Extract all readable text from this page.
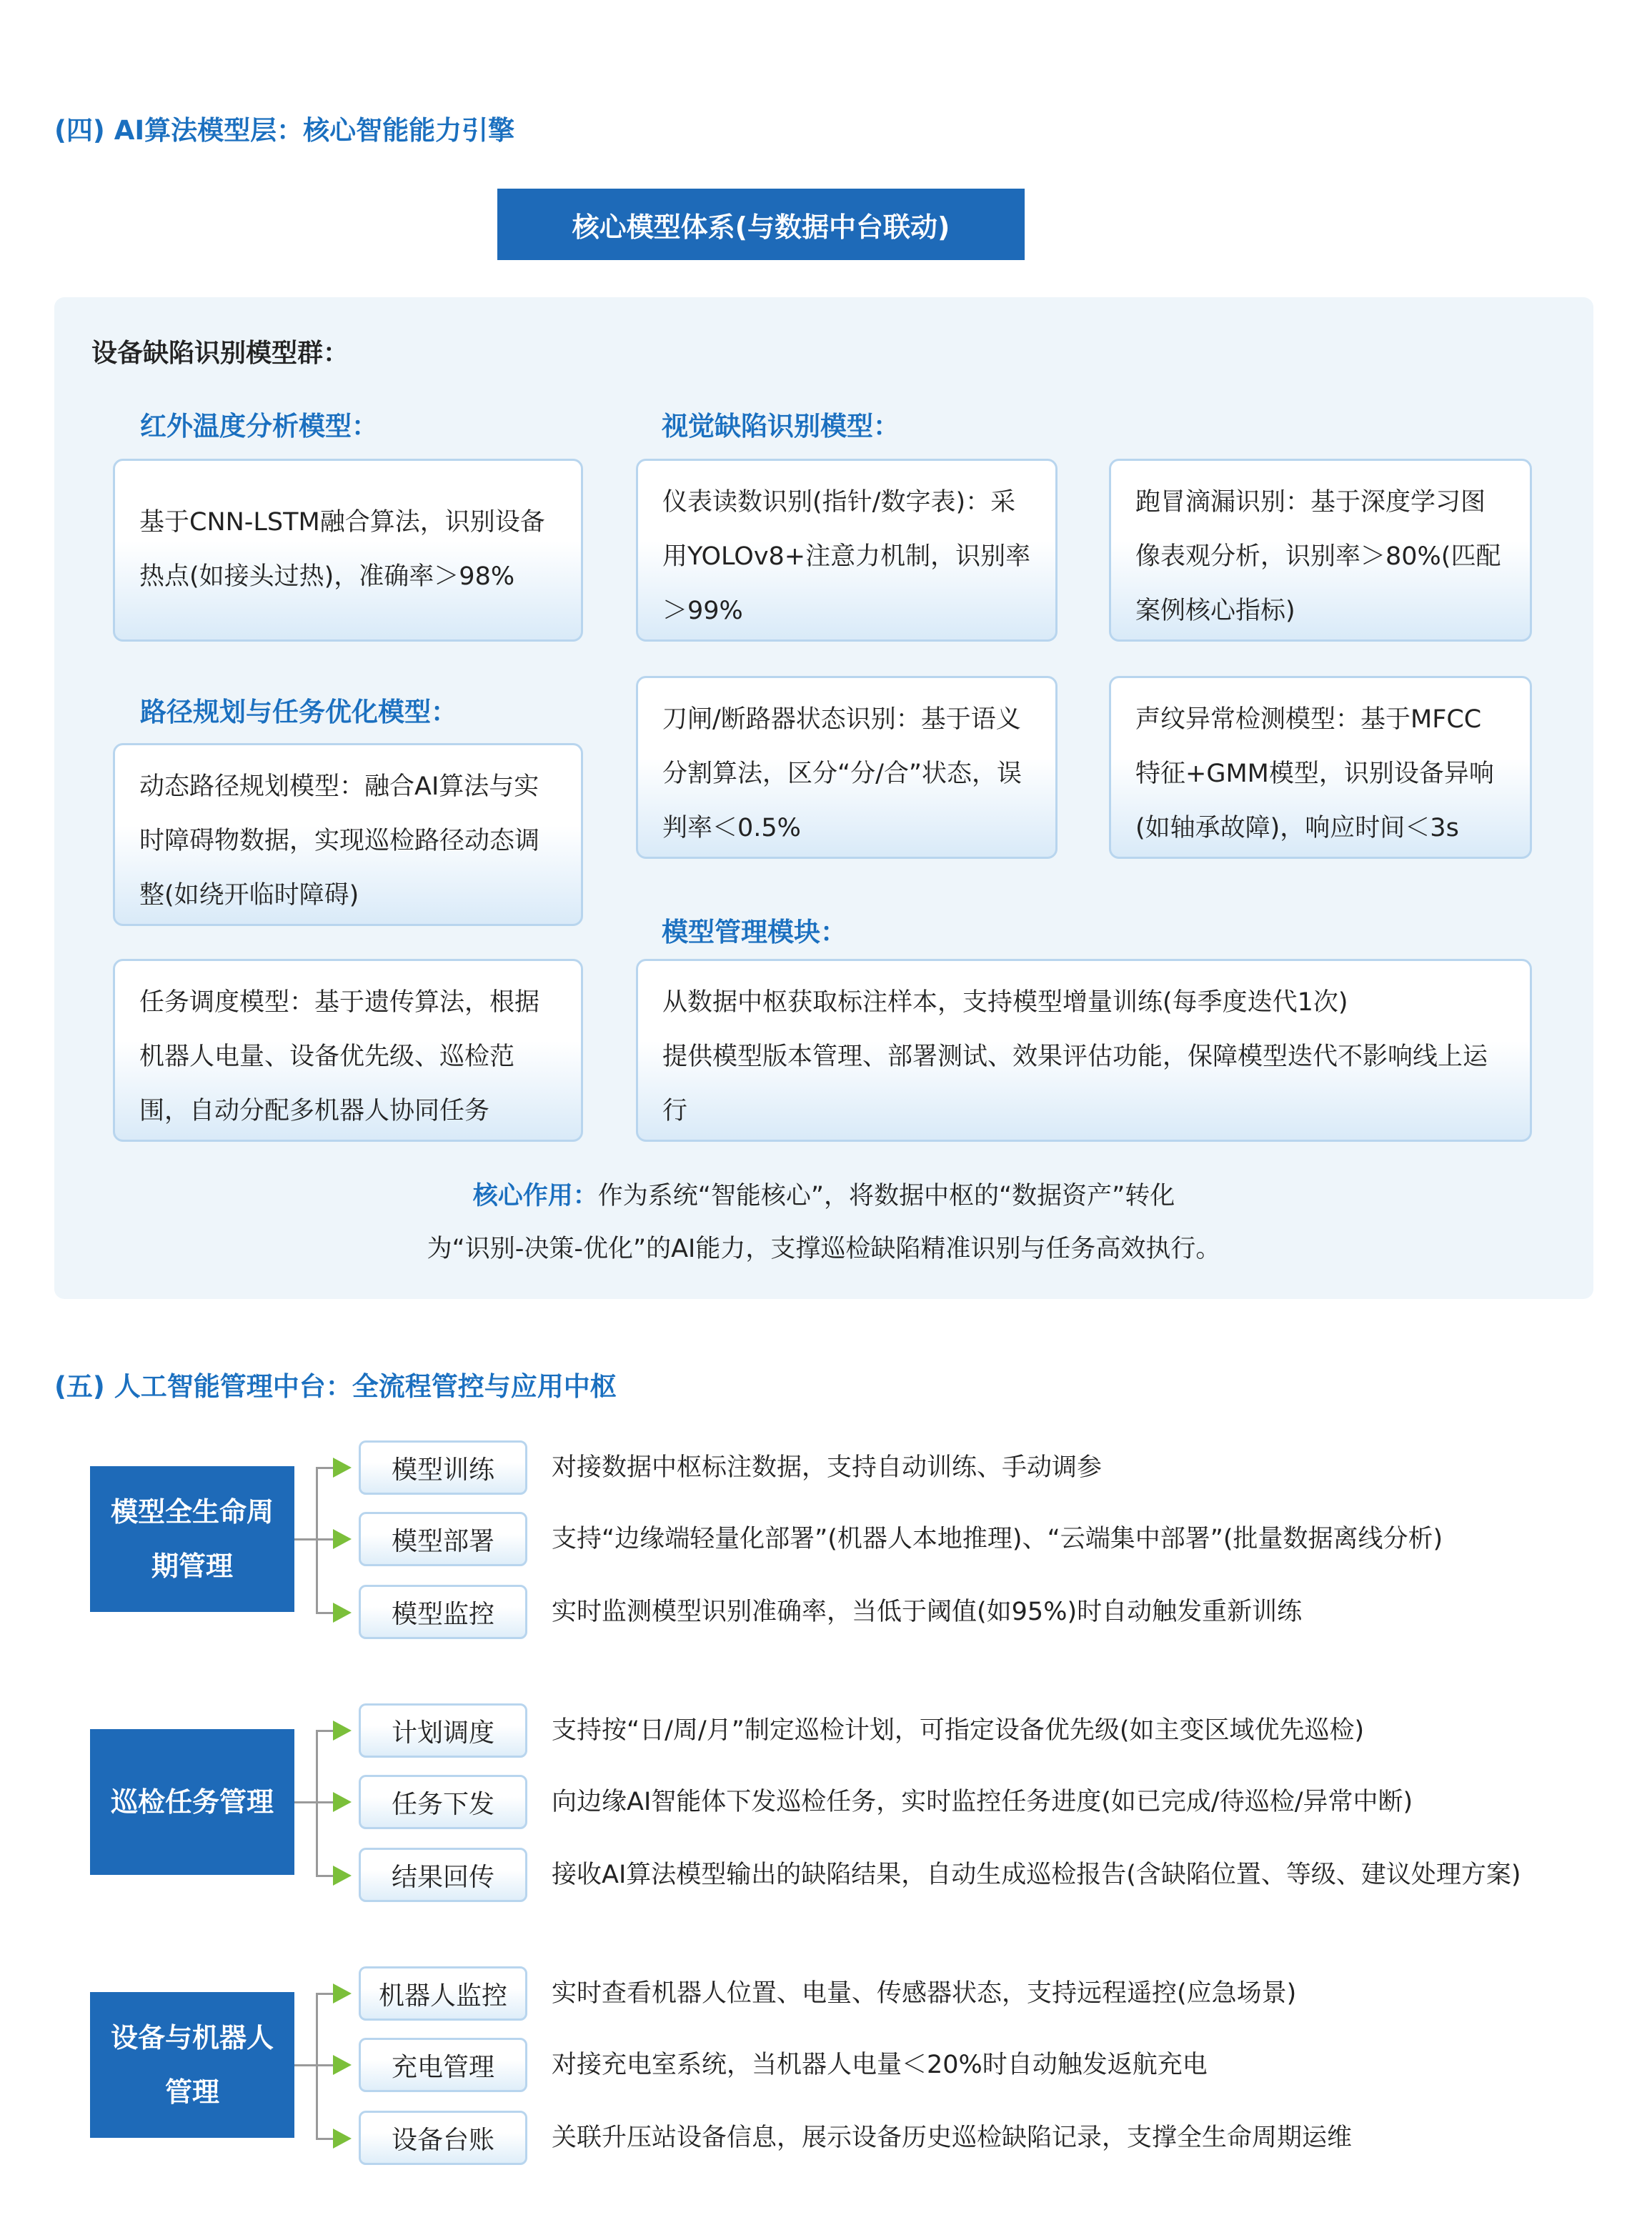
(四) AI算法模型层：核心智能能力引擎
核心模型体系(与数据中台联动)
设备缺陷识别模型群：
红外温度分析模型：

基于CNN-LSTM融合算法，识别设备热点(如接头过热)，准确率＞98%

路径规划与任务优化模型：

动态路径规划模型：融合AI算法与实时障碍物数据，实现巡检路径动态调整(如绕开临时障碍)

任务调度模型：基于遗传算法，根据机器人电量、设备优先级、巡检范围，自动分配多机器人协同任务

视觉缺陷识别模型：

仪表读数识别(指针/数字表)：采用YOLOv8+注意力机制，识别率＞99%

跑冒滴漏识别：基于深度学习图像表观分析，识别率＞80%(匹配案例核心指标)

刀闸/断路器状态识别：基于语义分割算法，区分“分/合”状态，误判率＜0.5%

声纹异常检测模型：基于MFCC特征+GMM模型，识别设备异响(如轴承故障)，响应时间＜3s

模型管理模块：

从数据中枢获取标注样本，支持模型增量训练(每季度迭代1次)

提供模型版本管理、部署测试、效果评估功能，保障模型迭代不影响线上运行

核心作用：作为系统“智能核心”，将数据中枢的“数据资产”转化

为“识别-决策-优化”的AI能力，支撑巡检缺陷精准识别与任务高效执行。

(五) 人工智能管理中台：全流程管控与应用中枢
模型全生命周期管理
模型训练
模型部署
模型监控
对接数据中枢标注数据，支持自动训练、手动调参
支持“边缘端轻量化部署”(机器人本地推理)、“云端集中部署”(批量数据离线分析)
实时监测模型识别准确率，当低于阈值(如95%)时自动触发重新训练
巡检任务管理
计划调度
任务下发
结果回传
支持按“日/周/月”制定巡检计划，可指定设备优先级(如主变区域优先巡检)
向边缘AI智能体下发巡检任务，实时监控任务进度(如已完成/待巡检/异常中断)
接收AI算法模型输出的缺陷结果，自动生成巡检报告(含缺陷位置、等级、建议处理方案)
设备与机器人管理
机器人监控
充电管理
设备台账
实时查看机器人位置、电量、传感器状态，支持远程遥控(应急场景)
对接充电室系统，当机器人电量＜20%时自动触发返航充电
关联升压站设备信息，展示设备历史巡检缺陷记录，支撑全生命周期运维
